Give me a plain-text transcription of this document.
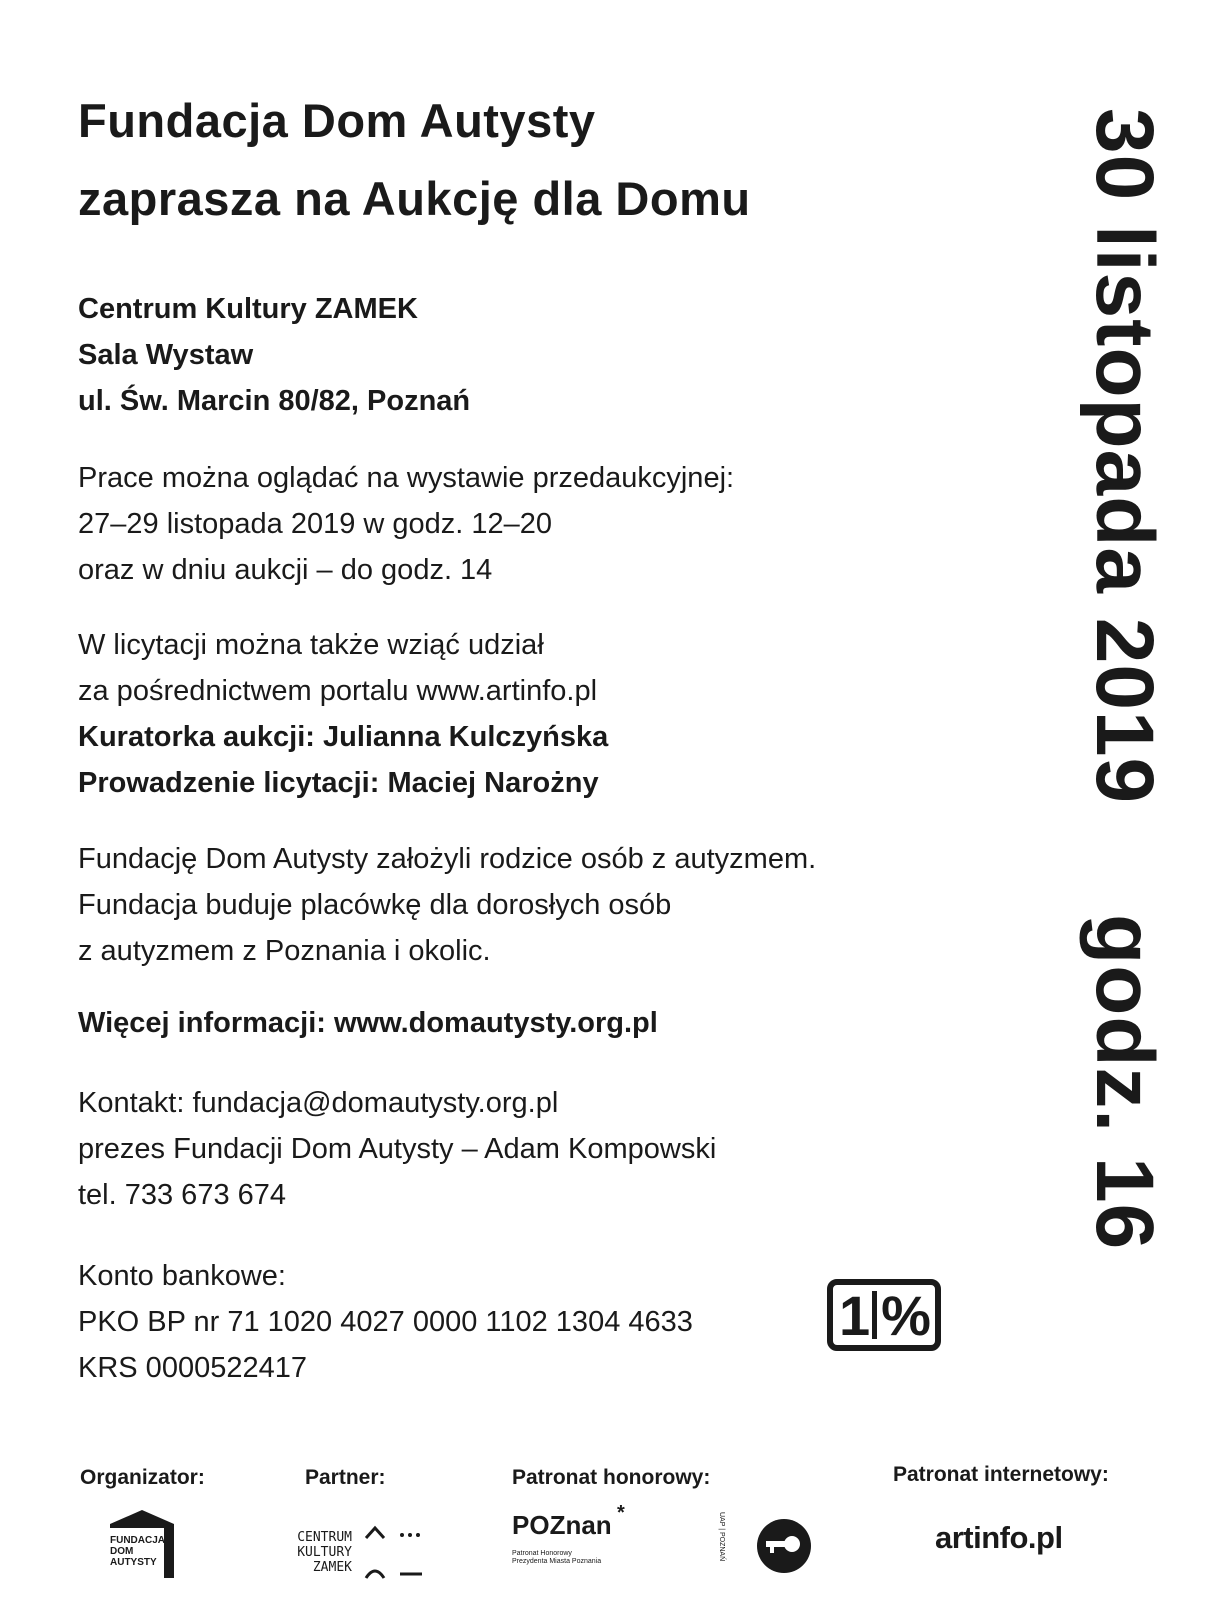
Fundacja Dom Autysty
zaprasza na Aukcję dla Domu
Centrum Kultury ZAMEK
Sala Wystaw
ul. Św. Marcin 80/82, Poznań
Prace można oglądać na wystawie przedaukcyjnej:
27–29 listopada 2019 w godz. 12–20
oraz w dniu aukcji – do godz. 14
W licytacji można także wziąć udział
za pośrednictwem portalu www.artinfo.pl
Kuratorka aukcji: Julianna Kulczyńska
Prowadzenie licytacji: Maciej Narożny
Fundację Dom Autysty założyli rodzice osób z autyzmem.
Fundacja buduje placówkę dla dorosłych osób
z autyzmem z Poznania i okolic.
Więcej informacji: www.domautysty.org.pl
Kontakt: fundacja@domautysty.org.pl
prezes Fundacji Dom Autysty – Adam Kompowski
tel. 733 673 674
Konto bankowe:
PKO BP nr 71 1020 4027 0000 1102 1304 4633
KRS 0000522417
1 %
30 listopada 2019godz. 16
Organizator:	Partner:	Patronat honorowy:	Patronat internetowy:
FUNDACJA
DOM
AUTYSTY
CENTRUM
KULTURY
ZAMEK
POZnan *
Patronat Honorowy
Prezydenta Miasta Poznania
UAP | POZNAŃ	artinfo.pl
